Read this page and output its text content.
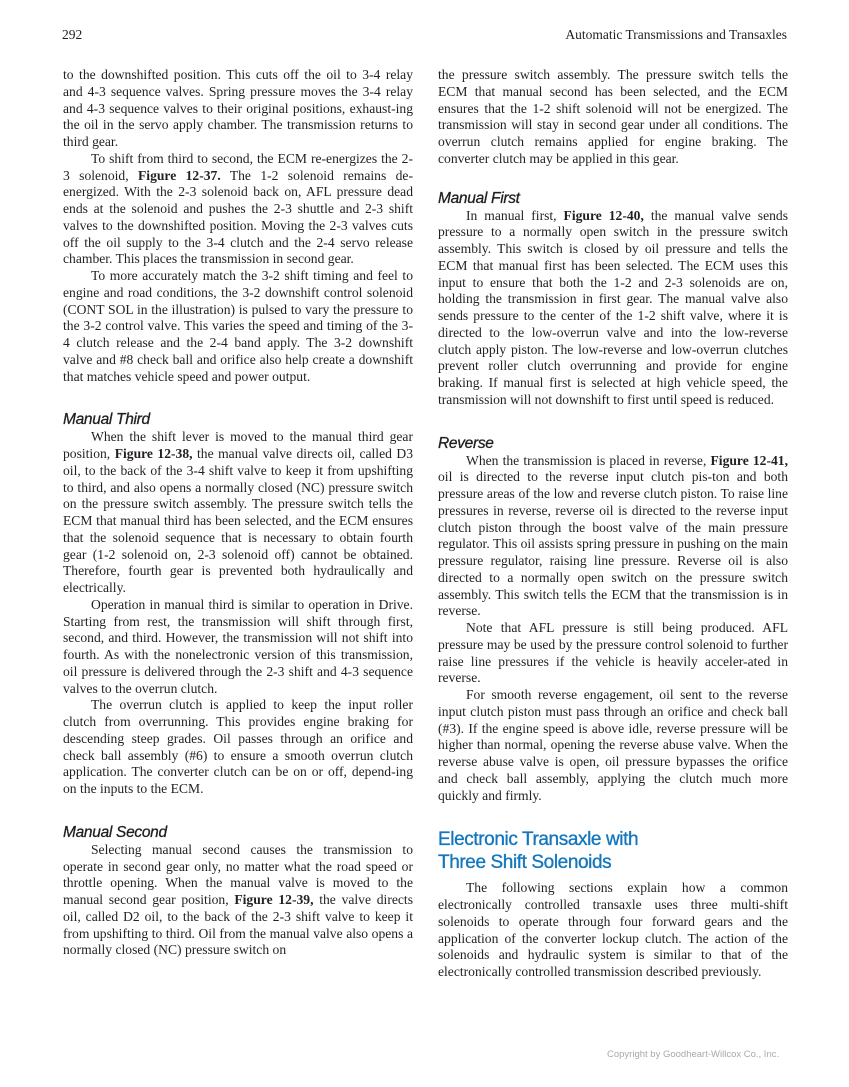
292	Automatic Transmissions and Transaxles

to the downshifted position. This cuts off the oil to 3-4 relay and 4-3 sequence valves. Spring pressure moves the 3-4 relay and 4-3 sequence valves to their original positions, exhaust-ing the oil in the servo apply chamber. The transmission returns to third gear.

To shift from third to second, the ECM re-energizes the 2-3 solenoid, Figure 12-37. The 1-2 solenoid remains de-energized. With the 2-3 solenoid back on, AFL pressure dead ends at the solenoid and pushes the 2-3 shuttle and 2-3 shift valves to the downshifted position. Moving the 2-3 valves cuts off the oil supply to the 3-4 clutch and the 2-4 servo release chamber. This places the transmission in second gear.

To more accurately match the 3-2 shift timing and feel to engine and road conditions, the 3-2 downshift control solenoid (CONT SOL in the illustration) is pulsed to vary the pressure to the 3-2 control valve. This varies the speed and timing of the 3-4 clutch release and the 2-4 band apply. The 3-2 downshift valve and #8 check ball and orifice also help create a downshift that matches vehicle speed and power output.

Manual Third

When the shift lever is moved to the manual third gear position, Figure 12-38, the manual valve directs oil, called D3 oil, to the back of the 3-4 shift valve to keep it from upshifting to third, and also opens a normally closed (NC) pressure switch on the pressure switch assembly. The pressure switch tells the ECM that manual third has been selected, and the ECM ensures that the solenoid sequence that is necessary to obtain fourth gear (1-2 solenoid on, 2-3 solenoid off) cannot be obtained. Therefore, fourth gear is prevented both hydraulically and electrically.

Operation in manual third is similar to operation in Drive. Starting from rest, the transmission will shift through first, second, and third. However, the transmission will not shift into fourth. As with the nonelectronic version of this transmission, oil pressure is delivered through the 2-3 shift and 4-3 sequence valves to the overrun clutch.

The overrun clutch is applied to keep the input roller clutch from overrunning. This provides engine braking for descending steep grades. Oil passes through an orifice and check ball assembly (#6) to ensure a smooth overrun clutch application. The converter clutch can be on or off, depend-ing on the inputs to the ECM.

Manual Second

Selecting manual second causes the transmission to operate in second gear only, no matter what the road speed or throttle opening. When the manual valve is moved to the manual second gear position, Figure 12-39, the valve directs oil, called D2 oil, to the back of the 2-3 shift valve to keep it from upshifting to third. Oil from the manual valve also opens a normally closed (NC) pressure switch on

the pressure switch assembly. The pressure switch tells the ECM that manual second has been selected, and the ECM ensures that the 1-2 shift solenoid will not be energized. The transmission will stay in second gear under all conditions. The overrun clutch remains applied for engine braking. The converter clutch may be applied in this gear.

Manual First

In manual first, Figure 12-40, the manual valve sends pressure to a normally open switch in the pressure switch assembly. This switch is closed by oil pressure and tells the ECM that manual first has been selected. The ECM uses this input to ensure that both the 1-2 and 2-3 solenoids are on, holding the transmission in first gear. The manual valve also sends pressure to the center of the 1-2 shift valve, where it is directed to the low-overrun valve and into the low-reverse clutch apply piston. The low-reverse and low-overrun clutches prevent roller clutch overrunning and provide for engine braking. If manual first is selected at high vehicle speed, the transmission will not downshift to first until speed is reduced.

Reverse

When the transmission is placed in reverse, Figure 12-41, oil is directed to the reverse input clutch pis-ton and both pressure areas of the low and reverse clutch piston. To raise line pressures in reverse, reverse oil is directed to the reverse input clutch piston through the boost valve of the main pressure regulator. This oil assists spring pressure in pushing on the main pressure regulator, raising line pressure. Reverse oil is also directed to a normally open switch on the pressure switch assembly. This switch tells the ECM that the transmission is in reverse.

Note that AFL pressure is still being produced. AFL pressure may be used by the pressure control solenoid to further raise line pressures if the vehicle is heavily acceler-ated in reverse.

For smooth reverse engagement, oil sent to the reverse input clutch piston must pass through an orifice and check ball (#3). If the engine speed is above idle, reverse pressure will be higher than normal, opening the reverse abuse valve. When the reverse abuse valve is open, oil pressure bypasses the orifice and check ball assembly, applying the clutch much more quickly and firmly.

Electronic Transaxle with
Three Shift Solenoids

The following sections explain how a common electronically controlled transaxle uses three multi-shift solenoids to operate through four forward gears and the application of the converter lockup clutch. The action of the solenoids and hydraulic system is similar to that of the electronically controlled transmission described previously.

Copyright by Goodheart-Willcox Co., Inc.
